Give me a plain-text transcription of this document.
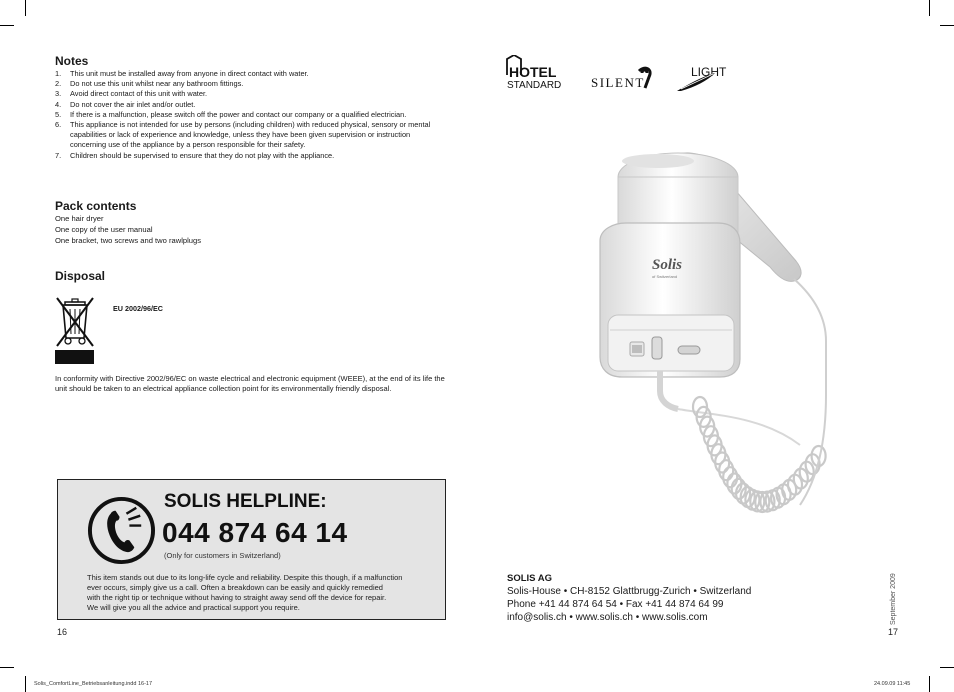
Notes
1. This unit must be installed away from anyone in direct contact with water.
2. Do not use this unit whilst near any bathroom fittings.
3. Avoid direct contact of this unit with water.
4. Do not cover the air inlet and/or outlet.
5. If there is a malfunction, please switch off the power and contact our company or a qualified electrician.
6. This appliance is not intended for use by persons (including children) with reduced physical, sensory or mental capabilities or lack of experience and knowledge, unless they have been given supervision or instruction concerning use of the appliance by a person responsible for their safety.
7. Children should be supervised to ensure that they do not play with the appliance.
Pack contents
One hair dryer
One copy of the user manual
One bracket, two screws and two rawlplugs
Disposal
EU 2002/96/EC
In conformity with Directive 2002/96/EC on waste electrical and electronic equipment (WEEE), at the end of its life the unit should be taken to an electrical appliance collection point for its environmentally friendly disposal.
SOLIS HELPLINE:
044 874 64 14
(Only for customers in Switzerland)
This item stands out due to its long-life cycle and reliability. Despite this though, if a malfunction
ever occurs, simply give us a call. Often a breakdown can be easily and quickly remedied
with the right tip or technique without having to straight away send off the device for repair.
We will give you all the advice and practical support you require.
16	17
HOTEL
STANDARD SILENT
LIGHT
Solis
of Switzerland
SOLIS AG
Solis-House • CH-8152 Glattbrugg-Zurich • Switzerland
Phone +41 44 874 64 54 • Fax +41 44 874 64 99
info@solis.ch • www.solis.ch • www.solis.com	September 2009
Solis_ComfortLine_Betriebsanleitung.indd 16-17	24.09.09 11:45
